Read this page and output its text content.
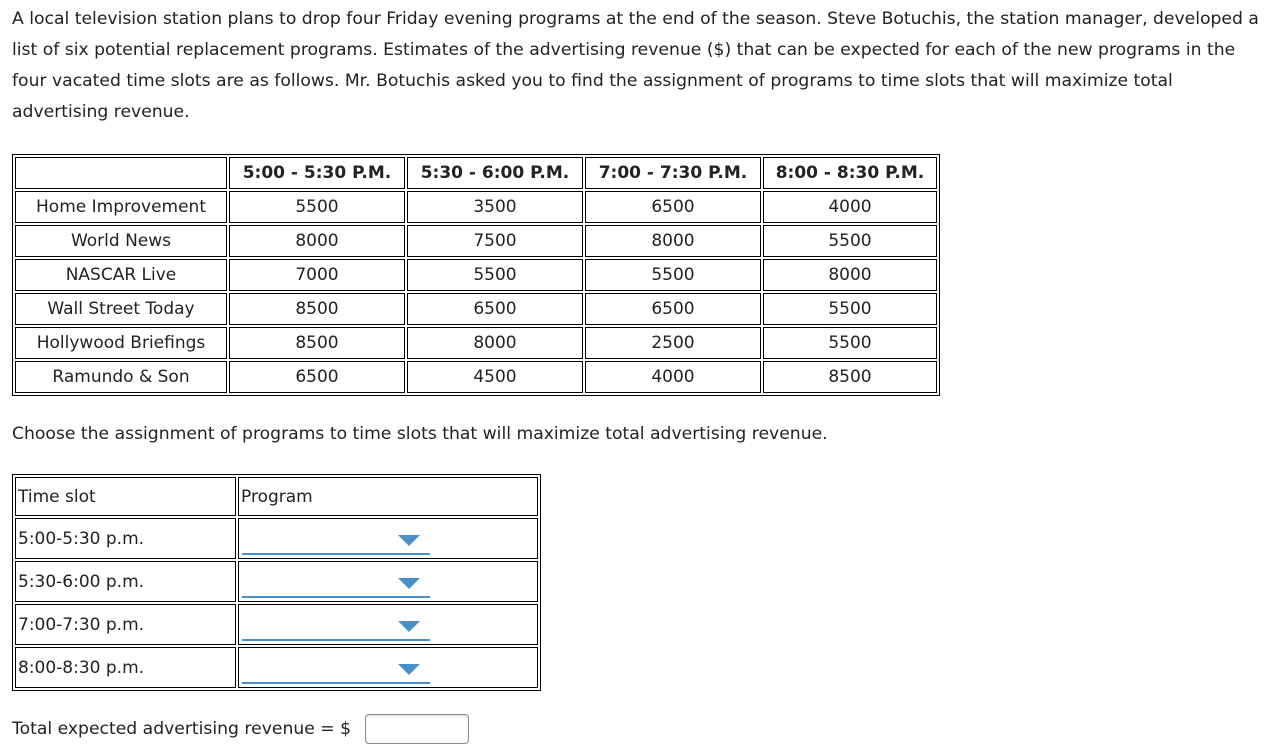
A local television station plans to drop four Friday evening programs at the end of the season. Steve Botuchis, the station manager, developed a list of six potential replacement programs. Estimates of the advertising revenue ($) that can be expected for each of the new programs in the four vacated time slots are as follows. Mr. Botuchis asked you to find the assignment of programs to time slots that will maximize total advertising revenue.

	5:00 - 5:30 P.M.	5:30 - 6:00 P.M.	7:00 - 7:30 P.M.	8:00 - 8:30 P.M.
Home Improvement	5500	3500	6500	4000
World News	8000	7500	8000	5500
NASCAR Live	7000	5500	5500	8000
Wall Street Today	8500	6500	6500	5500
Hollywood Briefings	8500	8000	2500	5500
Ramundo & Son	6500	4500	4000	8500

Choose the assignment of programs to time slots that will maximize total advertising revenue.

Time slot	Program
5:00-5:30 p.m.	

5:30-6:00 p.m.	

7:00-7:30 p.m.	

8:00-8:30 p.m.	
Total expected advertising revenue = $
